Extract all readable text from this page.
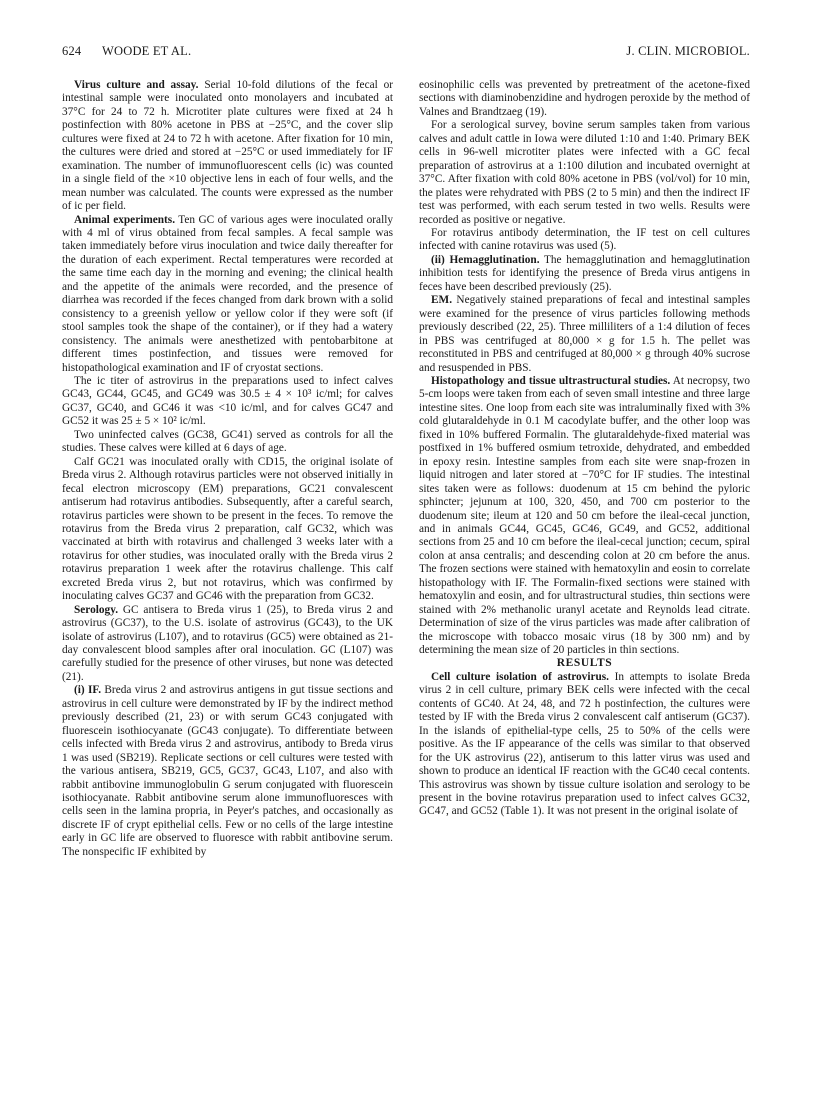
624 WOODE ET AL.	J. CLIN. MICROBIOL.

Virus culture and assay. Serial 10-fold dilutions of the fecal or intestinal sample were inoculated onto monolayers and incubated at 37°C for 24 to 72 h. Microtiter plate cultures were fixed at 24 h postinfection with 80% acetone in PBS at −25°C, and the cover slip cultures were fixed at 24 to 72 h with acetone. After fixation for 10 min, the cultures were dried and stored at −25°C or used immediately for IF examination. The number of immunofluorescent cells (ic) was counted in a single field of the ×10 objective lens in each of four wells, and the mean number was calculated. The counts were expressed as the number of ic per field.

Animal experiments. Ten GC of various ages were inoculated orally with 4 ml of virus obtained from fecal samples. A fecal sample was taken immediately before virus inoculation and twice daily thereafter for the duration of each experiment. Rectal temperatures were recorded at the same time each day in the morning and evening; the clinical health and the appetite of the animals were recorded, and the presence of diarrhea was recorded if the feces changed from dark brown with a solid consistency to a greenish yellow or yellow color if they were soft (if stool samples took the shape of the container), or if they had a watery consistency. The animals were anesthetized with pentobarbitone at different times postinfection, and tissues were removed for histopathological examination and IF of cryostat sections.

The ic titer of astrovirus in the preparations used to infect calves GC43, GC44, GC45, and GC49 was 30.5 ± 4 × 10³ ic/ml; for calves GC37, GC40, and GC46 it was <10 ic/ml, and for calves GC47 and GC52 it was 25 ± 5 × 10² ic/ml.

Two uninfected calves (GC38, GC41) served as controls for all the studies. These calves were killed at 6 days of age.

Calf GC21 was inoculated orally with CD15, the original isolate of Breda virus 2. Although rotavirus particles were not observed initially in fecal electron microscopy (EM) preparations, GC21 convalescent antiserum had rotavirus antibodies. Subsequently, after a careful search, rotavirus particles were shown to be present in the feces. To remove the rotavirus from the Breda virus 2 preparation, calf GC32, which was vaccinated at birth with rotavirus and challenged 3 weeks later with a rotavirus for other studies, was inoculated orally with the Breda virus 2 rotavirus preparation 1 week after the rotavirus challenge. This calf excreted Breda virus 2, but not rotavirus, which was confirmed by inoculating calves GC37 and GC46 with the preparation from GC32.

Serology. GC antisera to Breda virus 1 (25), to Breda virus 2 and astrovirus (GC37), to the U.S. isolate of astrovirus (GC43), to the UK isolate of astrovirus (L107), and to rotavirus (GC5) were obtained as 21-day convalescent blood samples after oral inoculation. GC (L107) was carefully studied for the presence of other viruses, but none was detected (21).

(i) IF. Breda virus 2 and astrovirus antigens in gut tissue sections and astrovirus in cell culture were demonstrated by IF by the indirect method previously described (21, 23) or with serum GC43 conjugated with fluorescein isothiocyanate (GC43 conjugate). To differentiate between cells infected with Breda virus 2 and astrovirus, antibody to Breda virus 1 was used (SB219). Replicate sections or cell cultures were tested with the various antisera, SB219, GC5, GC37, GC43, L107, and also with rabbit antibovine immunoglobulin G serum conjugated with fluorescein isothiocyanate. Rabbit antibovine serum alone immunofluoresces with cells seen in the lamina propria, in Peyer's patches, and occasionally as discrete IF of crypt epithelial cells. Few or no cells of the large intestine early in GC life are observed to fluoresce with rabbit antibovine serum. The nonspecific IF exhibited by

eosinophilic cells was prevented by pretreatment of the acetone-fixed sections with diaminobenzidine and hydrogen peroxide by the method of Valnes and Brandtzaeg (19).

For a serological survey, bovine serum samples taken from various calves and adult cattle in Iowa were diluted 1:10 and 1:40. Primary BEK cells in 96-well microtiter plates were infected with a GC fecal preparation of astrovirus at a 1:100 dilution and incubated overnight at 37°C. After fixation with cold 80% acetone in PBS (vol/vol) for 10 min, the plates were rehydrated with PBS (2 to 5 min) and then the indirect IF test was performed, with each serum tested in two wells. Results were recorded as positive or negative.

For rotavirus antibody determination, the IF test on cell cultures infected with canine rotavirus was used (5).

(ii) Hemagglutination. The hemagglutination and hemagglutination inhibition tests for identifying the presence of Breda virus antigens in feces have been described previously (25).

EM. Negatively stained preparations of fecal and intestinal samples were examined for the presence of virus particles following methods previously described (22, 25). Three milliliters of a 1:4 dilution of feces in PBS was centrifuged at 80,000 × g for 1.5 h. The pellet was reconstituted in PBS and centrifuged at 80,000 × g through 40% sucrose and resuspended in PBS.

Histopathology and tissue ultrastructural studies. At necropsy, two 5-cm loops were taken from each of seven small intestine and three large intestine sites. One loop from each site was intraluminally fixed with 3% cold glutaraldehyde in 0.1 M cacodylate buffer, and the other loop was fixed in 10% buffered Formalin. The glutaraldehyde-fixed material was postfixed in 1% buffered osmium tetroxide, dehydrated, and embedded in epoxy resin. Intestine samples from each site were snap-frozen in liquid nitrogen and later stored at −70°C for IF studies. The intestinal sites taken were as follows: duodenum at 15 cm behind the pyloric sphincter; jejunum at 100, 320, 450, and 700 cm posterior to the duodenum site; ileum at 120 and 50 cm before the ileal-cecal junction, and in animals GC44, GC45, GC46, GC49, and GC52, additional sections from 25 and 10 cm before the ileal-cecal junction; cecum, spiral colon at ansa centralis; and descending colon at 20 cm before the anus. The frozen sections were stained with hematoxylin and eosin to correlate histopathology with IF. The Formalin-fixed sections were stained with hematoxylin and eosin, and for ultrastructural studies, thin sections were stained with 2% methanolic uranyl acetate and Reynolds lead citrate. Determination of size of the virus particles was made after calibration of the microscope with tobacco mosaic virus (18 by 300 nm) and by determining the mean size of 20 particles in thin sections.

RESULTS

Cell culture isolation of astrovirus. In attempts to isolate Breda virus 2 in cell culture, primary BEK cells were infected with the cecal contents of GC40. At 24, 48, and 72 h postinfection, the cultures were tested by IF with the Breda virus 2 convalescent calf antiserum (GC37). In the islands of epithelial-type cells, 25 to 50% of the cells were positive. As the IF appearance of the cells was similar to that observed for the UK astrovirus (22), antiserum to this latter virus was used and shown to produce an identical IF reaction with the GC40 cecal contents. This astrovirus was shown by tissue culture isolation and serology to be present in the bovine rotavirus preparation used to infect calves GC32, GC47, and GC52 (Table 1). It was not present in the original isolate of
